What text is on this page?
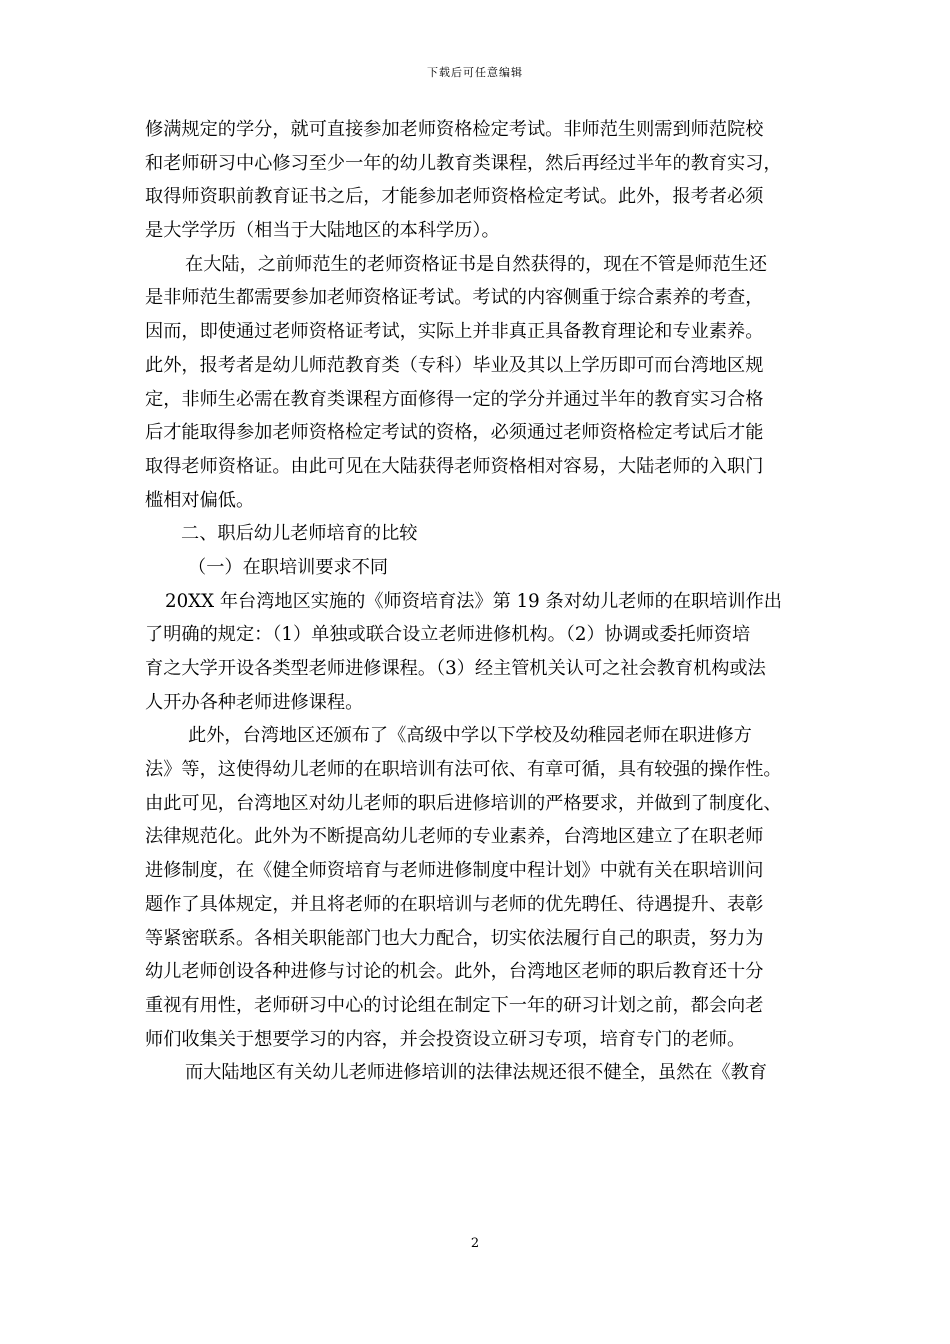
下载后可任意编辑
修满规定的学分，就可直接参加老师资格检定考试。非师范生则需到师范院校
和老师研习中心修习至少一年的幼儿教育类课程，然后再经过半年的教育实习，
取得师资职前教育证书之后，才能参加老师资格检定考试。此外，报考者必须
是大学学历（相当于大陆地区的本科学历）。
在大陆，之前师范生的老师资格证书是自然获得的，现在不管是师范生还
是非师范生都需要参加老师资格证考试。考试的内容侧重于综合素养的考查，
因而，即使通过老师资格证考试，实际上并非真正具备教育理论和专业素养。
此外，报考者是幼儿师范教育类（专科）毕业及其以上学历即可而台湾地区规
定，非师生必需在教育类课程方面修得一定的学分并通过半年的教育实习合格
后才能取得参加老师资格检定考试的资格，必须通过老师资格检定考试后才能
取得老师资格证。由此可见在大陆获得老师资格相对容易，大陆老师的入职门
槛相对偏低。
二、职后幼儿老师培育的比较
（一）在职培训要求不同
20XX 年台湾地区实施的《师资培育法》第 19 条对幼儿老师的在职培训作出
了明确的规定：（1）单独或联合设立老师进修机构。（2）协调或委托师资培
育之大学开设各类型老师进修课程。（3）经主管机关认可之社会教育机构或法
人开办各种老师进修课程。
此外，台湾地区还颁布了《高级中学以下学校及幼稚园老师在职进修方
法》等，这使得幼儿老师的在职培训有法可依、有章可循，具有较强的操作性。
由此可见，台湾地区对幼儿老师的职后进修培训的严格要求，并做到了制度化、
法律规范化。此外为不断提高幼儿老师的专业素养，台湾地区建立了在职老师
进修制度，在《健全师资培育与老师进修制度中程计划》中就有关在职培训问
题作了具体规定，并且将老师的在职培训与老师的优先聘任、待遇提升、表彰
等紧密联系。各相关职能部门也大力配合，切实依法履行自己的职责，努力为
幼儿老师创设各种进修与讨论的机会。此外，台湾地区老师的职后教育还十分
重视有用性，老师研习中心的讨论组在制定下一年的研习计划之前，都会向老
师们收集关于想要学习的内容，并会投资设立研习专项，培育专门的老师。
而大陆地区有关幼儿老师进修培训的法律法规还很不健全，虽然在《教育
2
